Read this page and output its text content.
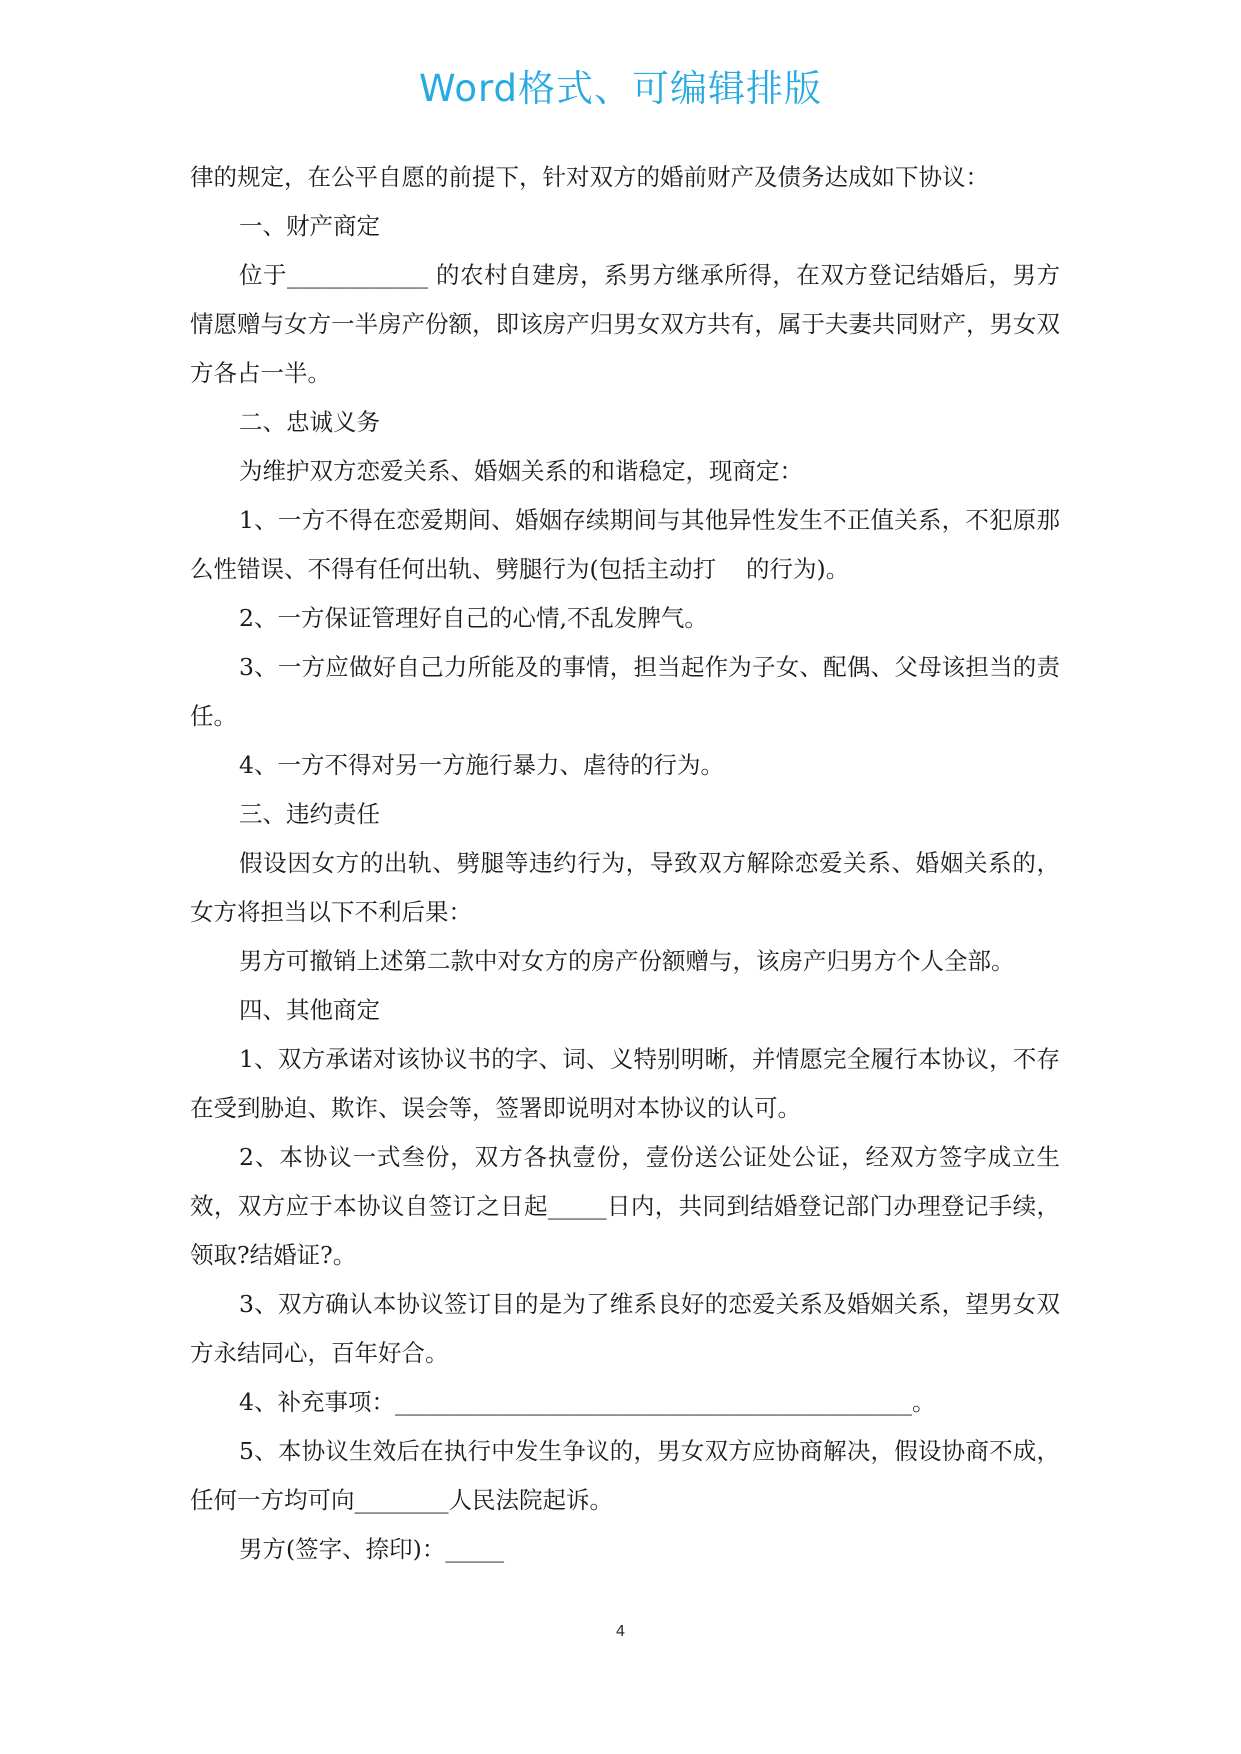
Word格式、可编辑排版

律的规定，在公平自愿的前提下，针对双方的婚前财产及债务达成如下协议：

一、财产商定

位于____________ 的农村自建房，系男方继承所得，在双方登记结婚后，男方情愿赠与女方一半房产份额，即该房产归男女双方共有，属于夫妻共同财产，男女双方各占一半。

二、忠诚义务

为维护双方恋爱关系、婚姻关系的和谐稳定，现商定：

1、一方不得在恋爱期间、婚姻存续期间与其他异性发生不正值关系，不犯原那么性错误、不得有任何出轨、劈腿行为(包括主动打    的行为)。

2、一方保证管理好自己的心情,不乱发脾气。

3、一方应做好自己力所能及的事情，担当起作为子女、配偶、父母该担当的责任。

4、一方不得对另一方施行暴力、虐待的行为。

三、违约责任

假设因女方的出轨、劈腿等违约行为，导致双方解除恋爱关系、婚姻关系的，女方将担当以下不利后果：

男方可撤销上述第二款中对女方的房产份额赠与，该房产归男方个人全部。

四、其他商定

1、双方承诺对该协议书的字、词、义特别明晰，并情愿完全履行本协议，不存在受到胁迫、欺诈、误会等，签署即说明对本协议的认可。

2、本协议一式叁份，双方各执壹份，壹份送公证处公证，经双方签字成立生效，双方应于本协议自签订之日起_____日内，共同到结婚登记部门办理登记手续，领取?结婚证?。

3、双方确认本协议签订目的是为了维系良好的恋爱关系及婚姻关系，望男女双方永结同心，百年好合。

4、补充事项：____________________________________________。

5、本协议生效后在执行中发生争议的，男女双方应协商解决，假设协商不成，任何一方均可向________人民法院起诉。

男方(签字、捺印)：_____

4
